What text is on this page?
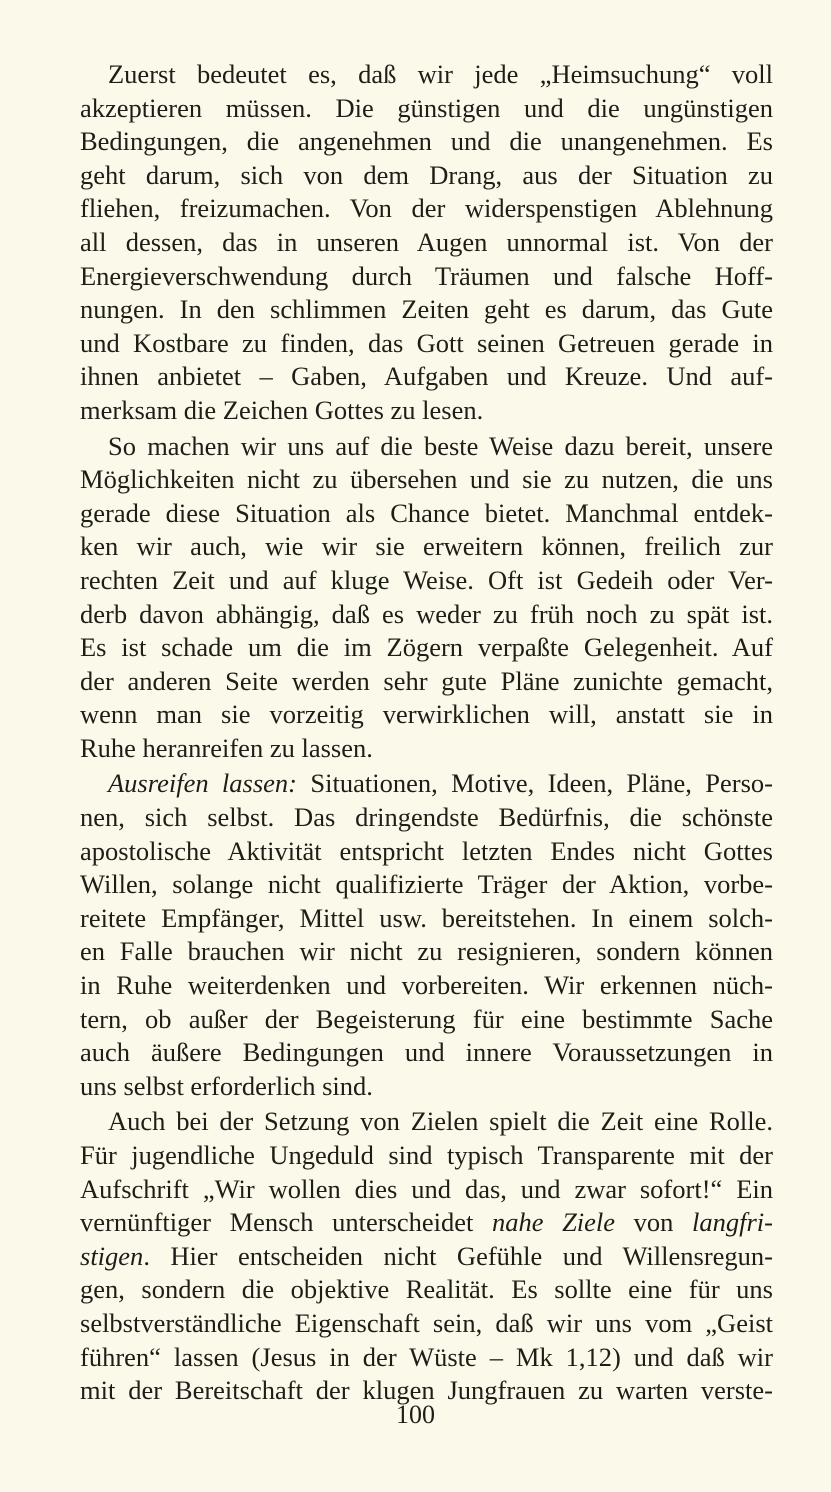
Zuerst bedeutet es, daß wir jede „Heimsuchung“ voll
akzeptieren müssen. Die günstigen und die ungünstigen
Bedingungen, die angenehmen und die unangenehmen. Es
geht darum, sich von dem Drang, aus der Situation zu
fliehen, freizumachen. Von der widerspenstigen Ablehnung
all dessen, das in unseren Augen unnormal ist. Von der
Energieverschwendung durch Träumen und falsche Hoff-
nungen. In den schlimmen Zeiten geht es darum, das Gute
und Kostbare zu finden, das Gott seinen Getreuen gerade in
ihnen anbietet – Gaben, Aufgaben und Kreuze. Und auf-
merksam die Zeichen Gottes zu lesen.

So machen wir uns auf die beste Weise dazu bereit, unsere
Möglichkeiten nicht zu übersehen und sie zu nutzen, die uns
gerade diese Situation als Chance bietet. Manchmal entdek-
ken wir auch, wie wir sie erweitern können, freilich zur
rechten Zeit und auf kluge Weise. Oft ist Gedeih oder Ver-
derb davon abhängig, daß es weder zu früh noch zu spät ist.
Es ist schade um die im Zögern verpaßte Gelegenheit. Auf
der anderen Seite werden sehr gute Pläne zunichte gemacht,
wenn man sie vorzeitig verwirklichen will, anstatt sie in
Ruhe heranreifen zu lassen.

Ausreifen lassen: Situationen, Motive, Ideen, Pläne, Perso-
nen, sich selbst. Das dringendste Bedürfnis, die schönste
apostolische Aktivität entspricht letzten Endes nicht Gottes
Willen, solange nicht qualifizierte Träger der Aktion, vorbe-
reitete Empfänger, Mittel usw. bereitstehen. In einem solch-
en Falle brauchen wir nicht zu resignieren, sondern können
in Ruhe weiterdenken und vorbereiten. Wir erkennen nüch-
tern, ob außer der Begeisterung für eine bestimmte Sache
auch äußere Bedingungen und innere Voraussetzungen in
uns selbst erforderlich sind.

Auch bei der Setzung von Zielen spielt die Zeit eine Rolle.
Für jugendliche Ungeduld sind typisch Transparente mit der
Aufschrift „Wir wollen dies und das, und zwar sofort!“ Ein
vernünftiger Mensch unterscheidet nahe Ziele von langfri-
stigen. Hier entscheiden nicht Gefühle und Willensregun-
gen, sondern die objektive Realität. Es sollte eine für uns
selbstverständliche Eigenschaft sein, daß wir uns vom „Geist
führen“ lassen (Jesus in der Wüste – Mk 1,12) und daß wir
mit der Bereitschaft der klugen Jungfrauen zu warten verste-

100
